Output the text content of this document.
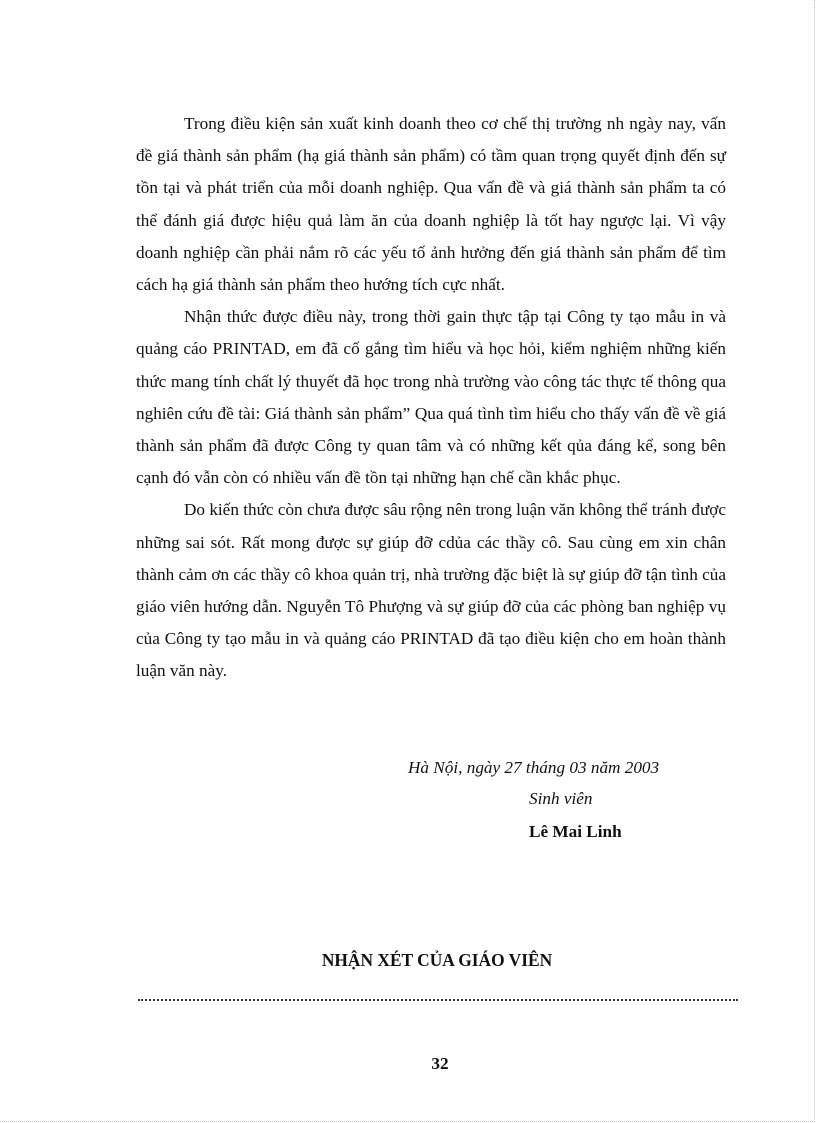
Trong điều kiện sản xuất kinh doanh theo cơ chế thị trường nh ngày nay, vấn đề giá thành sản phẩm (hạ giá thành sản phẩm) có tầm quan trọng quyết định đến sự tồn tại và phát triển của mỗi doanh nghiệp. Qua vấn đề và giá thành sản phẩm ta có thể đánh giá được hiệu quả làm ăn của doanh nghiệp là tốt hay ngược lại. Vì vậy doanh nghiệp cần phải nắm rõ các yếu tố ảnh hưởng đến giá thành sản phẩm để tìm cách hạ giá thành sản phẩm theo hướng tích cực nhất.

Nhận thức được điều này, trong thời gain thực tập tại Công ty tạo mẫu in và quảng cáo PRINTAD, em đã cố gắng tìm hiểu và học hỏi, kiểm nghiệm những kiến thức mang tính chất lý thuyết đã học trong nhà trường vào công tác thực tế thông qua nghiên cứu đề tài: Giá thành sản phẩm” Qua quá tình tìm hiểu cho thấy vấn đề về giá thành sản phẩm đã được Công ty quan tâm và có những kết qủa đáng kể, song bên cạnh đó vẫn còn có nhiều vấn đề tồn tại những hạn chế cần khắc phục.

Do kiến thức còn chưa được sâu rộng nên trong luận văn không thể tránh được những sai sót. Rất mong được sự giúp đỡ cdủa các thầy cô. Sau cùng em xin chân thành cảm ơn các thầy cô khoa quản trị, nhà trường đặc biệt là sự giúp đỡ tận tình của giáo viên hướng dẫn. Nguyễn Tô Phượng và sự giúp đỡ của các phòng ban nghiệp vụ của Công ty tạo mẫu in và quảng cáo PRINTAD đã tạo điều kiện cho em hoàn thành luận văn này.

Hà Nội, ngày 27 tháng 03 năm 2003
Sinh viên
Lê Mai Linh
NHẬN XÉT CỦA GIÁO VIÊN
32
